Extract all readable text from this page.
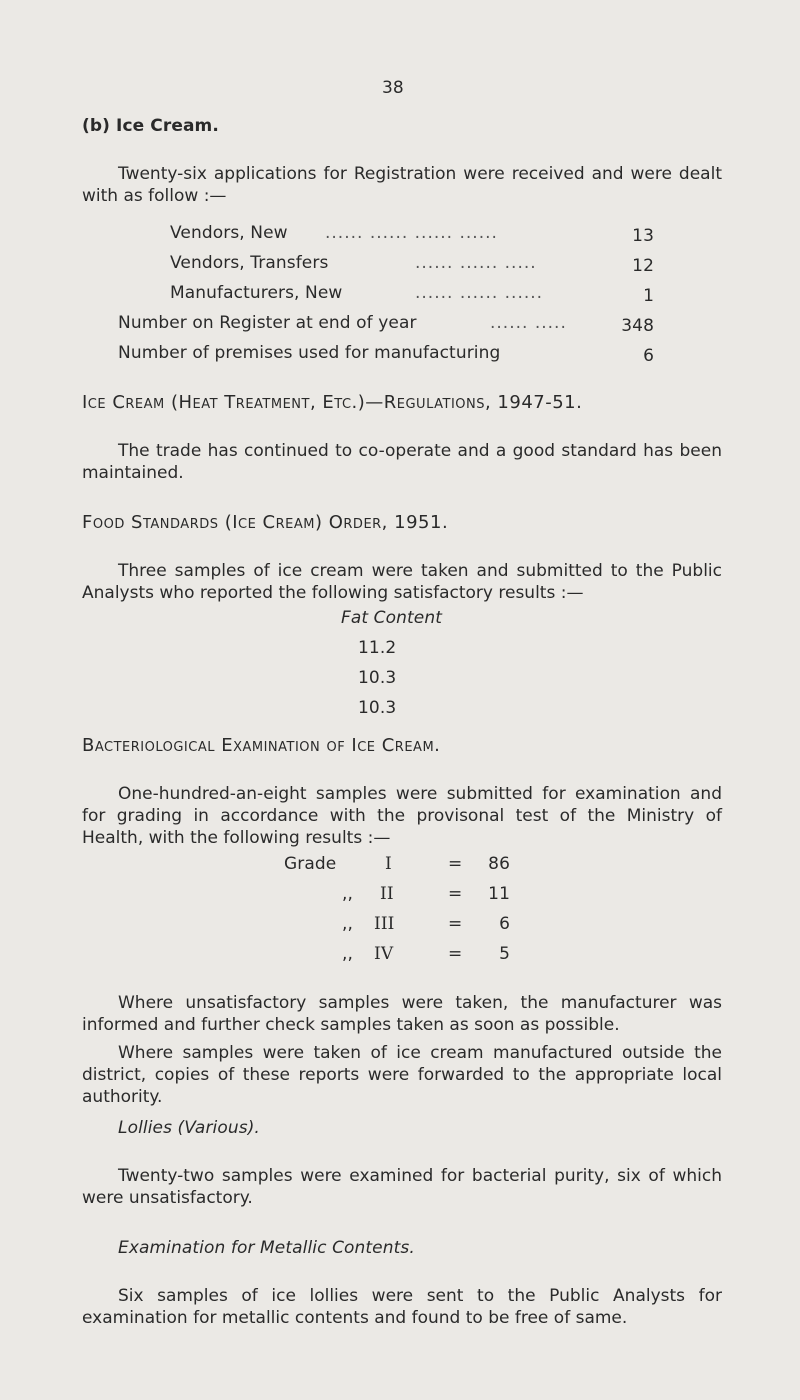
38
(b) Ice Cream.
Twenty-six applications for Registration were received and were dealt with as follow :—
Vendors, New ...... ...... ...... ......	13
Vendors, Transfers	...... ...... .....	12
Manufacturers, New	...... ...... ......	1
Number on Register at end of year	...... .....	348
Number of premises used for manufacturing	6
Ice Cream (Heat Treatment, Etc.)—Regulations, 1947-51.
The trade has continued to co-operate and a good standard has been maintained.
Food Standards (Ice Cream) Order, 1951.
Three samples of ice cream were taken and submitted to the Public Analysts who reported the following satisfactory results :—
Fat Content
11.2
10.3
10.3
Bacteriological Examination of Ice Cream.
One-hundred-an-eight samples were submitted for examination and for grading in accordance with the provisonal test of the Ministry of Health, with the following results :—
Grade	I	=	86
,, II	=	11
,, III	=	6
,, IV	=	5
Where unsatisfactory samples were taken, the manufacturer was informed and further check samples taken as soon as possible.
Where samples were taken of ice cream manufactured outside the district, copies of these reports were forwarded to the appropriate local authority.
Lollies (Various).
Twenty-two samples were examined for bacterial purity, six of which were unsatisfactory.
Examination for Metallic Contents.
Six samples of ice lollies were sent to the Public Analysts for examination for metallic contents and found to be free of same.
